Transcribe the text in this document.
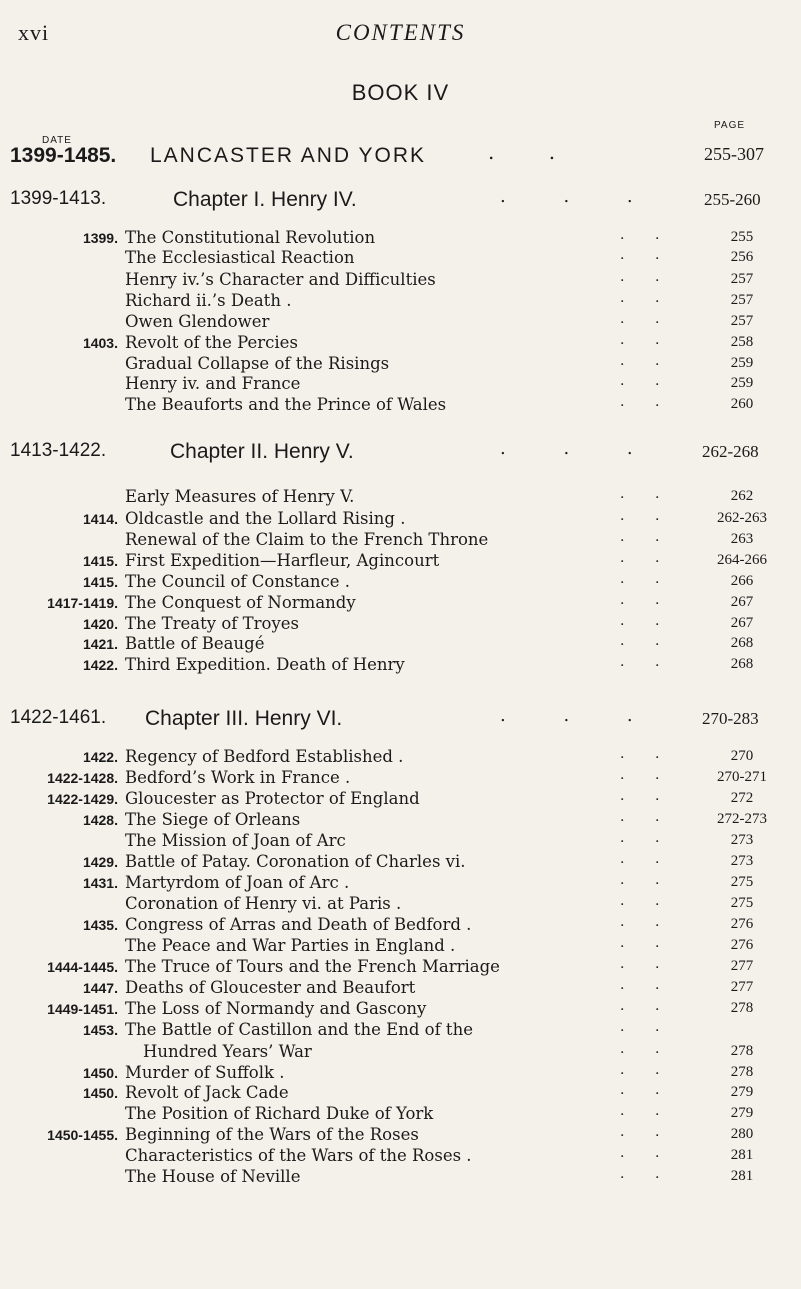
xvi	CONTENTS
BOOK IV
DATE
PAGE
1399-1485. LANCASTER AND YORK	. .	255-307
1399-1413.	Chapter I. Henry IV.	. . .	255-260
1399. The Constitutional Revolution	. .	255
The Ecclesiastical Reaction	. .	256
Henry iv.’s Character and Difficulties	. .	257
Richard ii.’s Death .	. .	257
Owen Glendower	. .	257
1403. Revolt of the Percies	. .	258
Gradual Collapse of the Risings	. .	259
Henry iv. and France	. .	259
The Beauforts and the Prince of Wales	. .	260
1413-1422.	Chapter II. Henry V.	. . .	262-268
Early Measures of Henry V.	. .	262
1414. Oldcastle and the Lollard Rising .	. .	262-263
Renewal of the Claim to the French Throne	. .	263
1415. First Expedition—Harfleur, Agincourt	. .	264-266
1415. The Council of Constance .	. .	266
1417-1419. The Conquest of Normandy	. .	267
1420. The Treaty of Troyes	. .	267
1421. Battle of Beaugé	. .	268
1422. Third Expedition. Death of Henry	. .	268
1422-1461. Chapter III. Henry VI.	. . .	270-283
1422. Regency of Bedford Established .	. .	270
1422-1428. Bedford’s Work in France .	. .	270-271
1422-1429. Gloucester as Protector of England	. .	272
1428. The Siege of Orleans	. .	272-273
The Mission of Joan of Arc	. .	273
1429. Battle of Patay. Coronation of Charles vi.	. .	273
1431. Martyrdom of Joan of Arc .	. .	275
Coronation of Henry vi. at Paris .	. .	275
1435. Congress of Arras and Death of Bedford .	. .	276
The Peace and War Parties in England .	. .	276
1444-1445. The Truce of Tours and the French Marriage	. .	277
1447. Deaths of Gloucester and Beaufort	. .	277
1449-1451. The Loss of Normandy and Gascony	. .	278
1453. The Battle of Castillon and the End of the	. .
Hundred Years’ War	. .	278
1450. Murder of Suffolk .	. .	278
1450. Revolt of Jack Cade	. .	279
The Position of Richard Duke of York	. .	279
1450-1455. Beginning of the Wars of the Roses	. .	280
Characteristics of the Wars of the Roses .	. .	281
The House of Neville	. .	281
